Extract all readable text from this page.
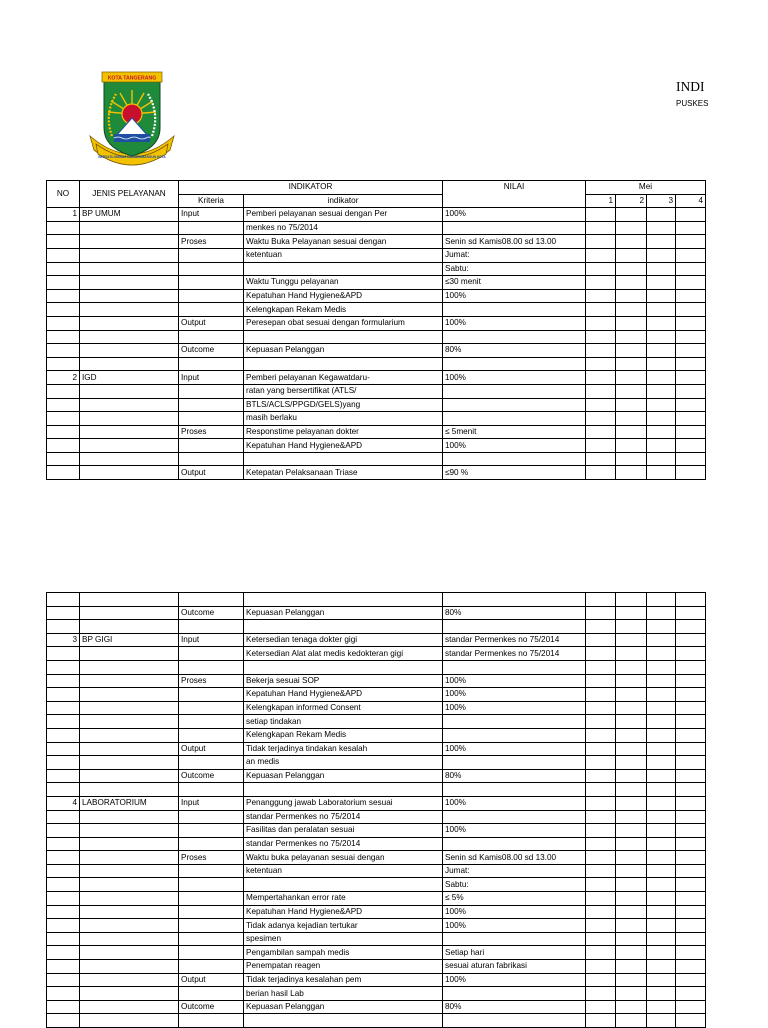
KOTA TANGERANG
BERSATU MAWAS DIRI MEMBANGUN KOTA
INDI
PUSKES
NO	JENIS PELAYANAN	INDIKATOR		NILAI	Mei			
		Kriteria	indikator		1	2	3	4
1	BP UMUM	Input	Pemberi pelayanan sesuai dengan Per	100%				
			menkes no 75/2014					
		Proses	Waktu Buka Pelayanan sesuai dengan	Senin sd Kamis08.00 sd 13.00				
			ketentuan	Jumat:				
				Sabtu:				
			Waktu Tunggu pelayanan	≤30 menit				
			Kepatuhan Hand Hygiene&APD	100%				
			Kelengkapan Rekam Medis					
		Output	Peresepan obat sesuai dengan formularium	100%				

		Outcome	Kepuasan Pelanggan	80%				

2	IGD	Input	Pemberi pelayanan Kegawatdaru-	100%				
			ratan yang bersertifikat (ATLS/					
			BTLS/ACLS/PPGD/GELS)yang					
			masih berlaku					
		Proses	Responstime pelayanan dokter	≤ 5menit				
			Kepatuhan Hand Hygiene&APD	100%				

		Output	Ketepatan Pelaksanaan Triase	≤90 %				

		Outcome	Kepuasan Pelanggan	80%				

3	BP GIGI	Input	Ketersedian tenaga dokter gigi	standar Permenkes no 75/2014				
			Ketersedian Alat alat medis kedokteran gigi	standar Permenkes no 75/2014				

		Proses	Bekerja sesuai SOP	100%				
			Kepatuhan Hand Hygiene&APD	100%				
			Kelengkapan informed Consent	100%				
			setiap tindakan					
			Kelengkapan Rekam Medis					
		Output	Tidak terjadinya tindakan kesalah	100%				
			an medis					
		Outcome	Kepuasan Pelanggan	80%				

4	LABORATORIUM	Input	Penanggung jawab Laboratorium sesuai	100%				
			standar Permenkes no 75/2014					
			Fasilitas dan peralatan sesuai	100%				
			standar Permenkes no 75/2014					
		Proses	Waktu buka pelayanan sesuai dengan	Senin sd Kamis08.00 sd 13.00				
			ketentuan	Jumat:				
				Sabtu:				
			Mempertahankan error rate	≤ 5%				
			Kepatuhan Hand Hygiene&APD	100%				
			Tidak adanya kejadian tertukar	100%				
			spesimen					
			Pengambilan sampah medis	Setiap hari				
			Penempatan reagen	sesuai aturan fabrikasi				
		Output	Tidak terjadinya kesalahan pem	100%				
			berian hasil Lab					
		Outcome	Kepuasan Pelanggan	80%				
